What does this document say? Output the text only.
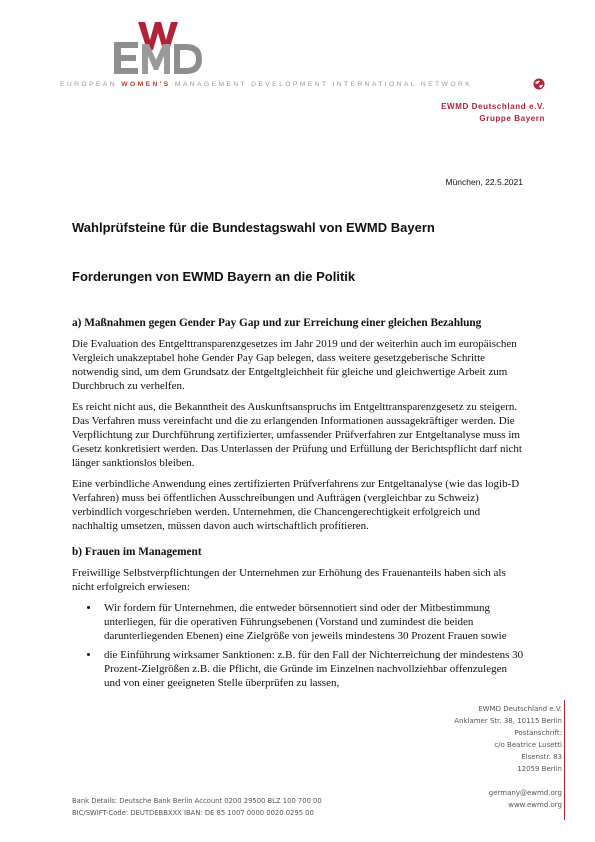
EUROPEAN WOMEN'S MANAGEMENT DEVELOPMENT INTERNATIONAL NETWORK
EWMD Deutschland e.V.
Gruppe Bayern
München, 22.5.2021
Wahlprüfsteine für die Bundestagswahl von EWMD Bayern
Forderungen von EWMD Bayern an die Politik
a) Maßnahmen gegen Gender Pay Gap und zur Erreichung einer gleichen Bezahlung

Die Evaluation des Entgelttransparenzgesetzes im Jahr 2019 und der weiterhin auch im europäischen Vergleich unakzeptabel hohe Gender Pay Gap belegen, dass weitere gesetzgeberische Schritte notwendig sind, um dem Grundsatz der Entgeltgleichheit für gleiche und gleichwertige Arbeit zum Durchbruch zu verhelfen.

Es reicht nicht aus, die Bekanntheit des Auskunftsanspruchs im Entgelttransparenzgesetz zu steigern. Das Verfahren muss vereinfacht und die zu erlangenden Informationen aussagekräftiger werden. Die Verpflichtung zur Durchführung zertifizierter, umfassender Prüfverfahren zur Entgeltanalyse muss im Gesetz konkretisiert werden. Das Unterlassen der Prüfung und Erfüllung der Berichtspflicht darf nicht länger sanktionslos bleiben.

Eine verbindliche Anwendung eines zertifizierten Prüfverfahrens zur Entgeltanalyse (wie das logib-D Verfahren) muss bei öffentlichen Ausschreibungen und Aufträgen (vergleichbar zu Schweiz) verbindlich vorgeschrieben werden. Unternehmen, die Chancengerechtigkeit erfolgreich und nachhaltig umsetzen, müssen davon auch wirtschaftlich profitieren.

b) Frauen im Management

Freiwillige Selbstverpflichtungen der Unternehmen zur Erhöhung des Frauenanteils haben sich als nicht erfolgreich erwiesen:

• Wir fordern für Unternehmen, die entweder börsennotiert sind oder der Mitbestimmung unterliegen, für die operativen Führungsebenen (Vorstand und zumindest die beiden darunterliegenden Ebenen) eine Zielgröße von jeweils mindestens 30 Prozent Frauen sowie
• die Einführung wirksamer Sanktionen: z.B. für den Fall der Nichterreichung der mindestens 30 Prozent-Zielgrößen z.B. die Pflicht, die Gründe im Einzelnen nachvollziehbar offenzulegen und von einer geeigneten Stelle überprüfen zu lassen,
EWMD Deutschland e.V.
Anklamer Str. 38, 10115 Berlin
Postanschrift:
c/o Beatrice Lusetti
Elsenstr. 83
12059 Berlin
germany@ewmd.org
www.ewmd.org
Bank Details: Deutsche Bank Berlin Account 0200 29500 BLZ 100 700 00
BIC/SWIFT-Code: DEUTDEBBXXX IBAN: DE 85 1007 0000 0020 0295 00
